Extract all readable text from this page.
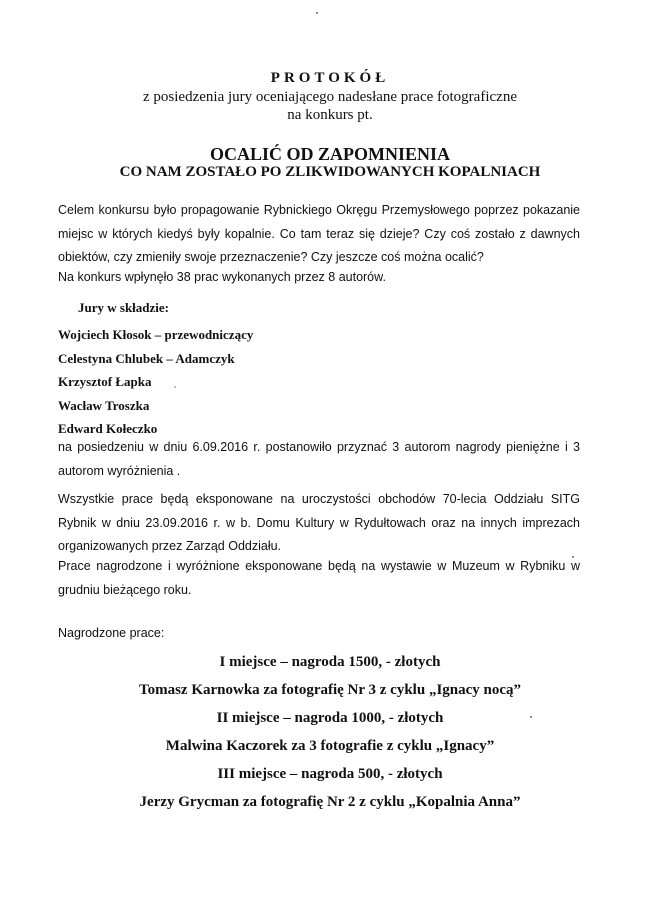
PROTOKÓŁ
z posiedzenia jury oceniającego nadesłane prace fotograficzne
na konkurs pt.
OCALIĆ OD ZAPOMNIENIA
CO NAM ZOSTAŁO PO ZLIKWIDOWANYCH KOPALNIACH
Celem konkursu było propagowanie Rybnickiego Okręgu Przemysłowego poprzez pokazanie miejsc w których kiedyś były kopalnie. Co tam teraz się dzieje? Czy coś zostało z dawnych obiektów, czy zmieniły swoje przeznaczenie? Czy jeszcze coś można ocalić?
Na konkurs wpłynęło 38 prac wykonanych przez 8 autorów.
Jury w składzie:
Wojciech Kłosok – przewodniczący
Celestyna Chlubek – Adamczyk
Krzysztof Łapka
Wacław Troszka
Edward Kołeczko
na posiedzeniu w dniu 6.09.2016 r. postanowiło przyznać 3 autorom nagrody pieniężne i 3 autorom wyróżnienia .
Wszystkie prace będą eksponowane na uroczystości obchodów 70-lecia Oddziału SITG Rybnik w dniu 23.09.2016 r. w b. Domu Kultury w Rydułtowach oraz na innych imprezach organizowanych przez Zarząd Oddziału.
Prace nagrodzone i wyróżnione eksponowane będą na wystawie w Muzeum w Rybniku w grudniu bieżącego roku.
Nagrodzone prace:
I miejsce – nagroda 1500, - złotych
Tomasz Karnowka za fotografię Nr 3 z cyklu „Ignacy nocą”
II miejsce – nagroda 1000, - złotych
Malwina Kaczorek za 3 fotografie z cyklu „Ignacy”
III miejsce – nagroda 500, - złotych
Jerzy Grycman za fotografię Nr 2 z cyklu „Kopalnia Anna”
